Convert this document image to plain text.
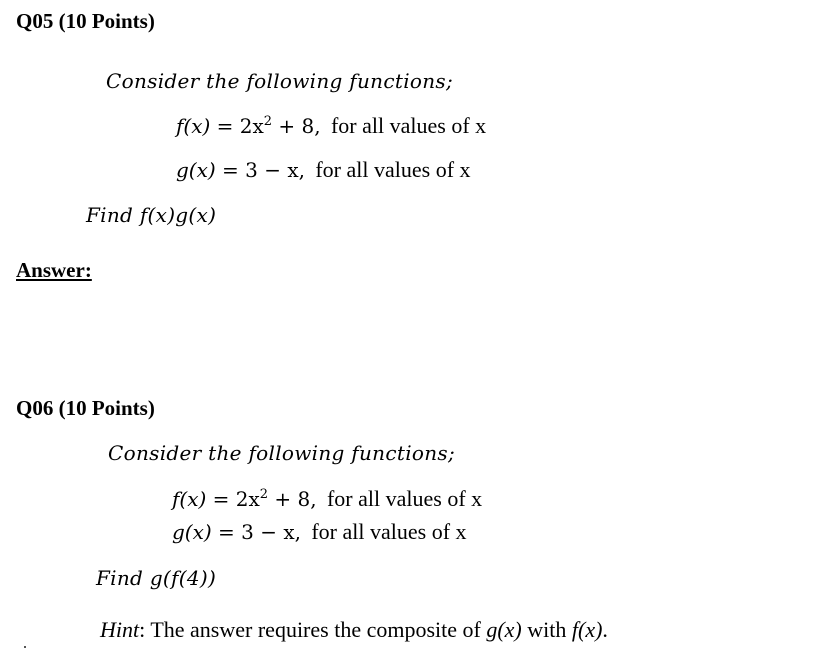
Q05 (10 Points)
Consider the following functions;
$f(x) = 2x^2 + 8$, for all values of x
g(x) = 3 − x, for all values of x
Find f(x)g(x)
Answer:
Q06 (10 Points)
Consider the following functions;
$f(x) = 2x^2 + 8$, for all values of x
g(x) = 3 − x, for all values of x
Find g(f(4))
Hint: The answer requires the composite of g(x) with f(x).
